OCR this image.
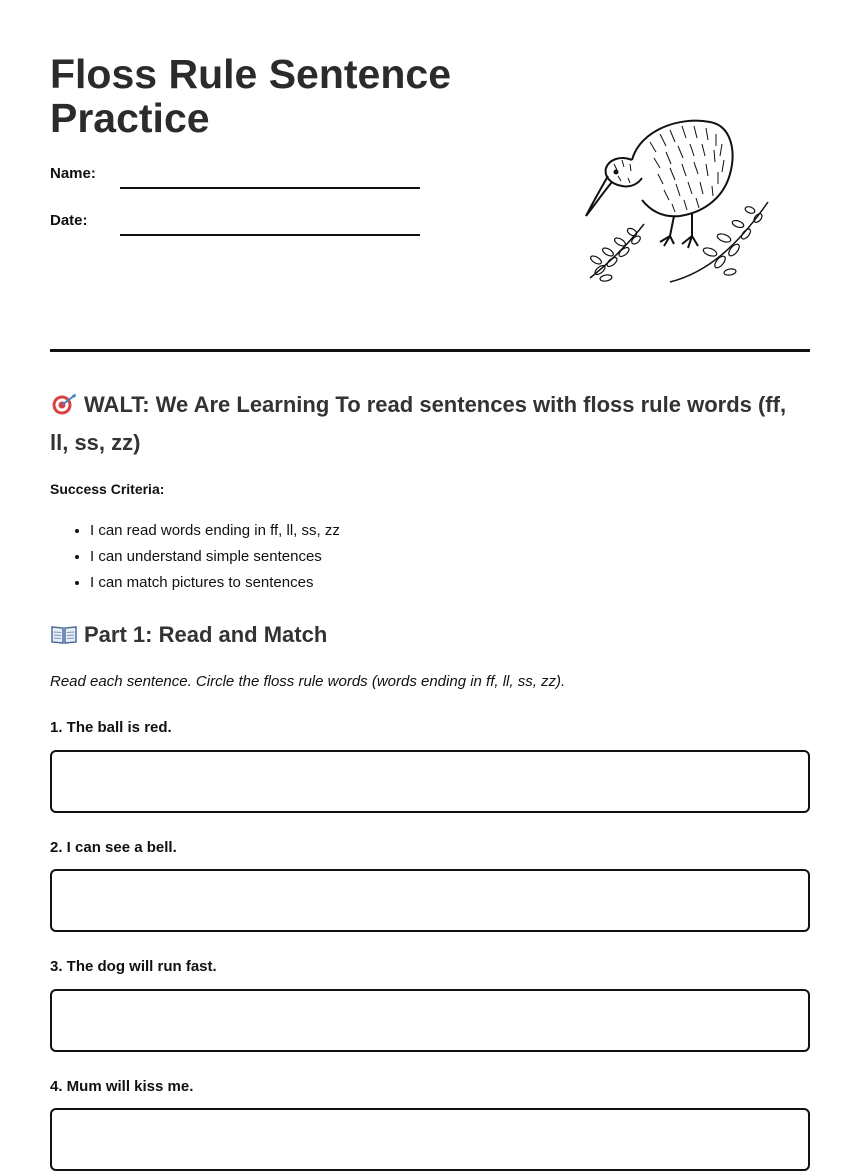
Floss Rule Sentence
Practice
Name:
Date:
WALT: We Are Learning To read sentences with floss rule words (ff, ll, ss, zz)
Success Criteria:
• I can read words ending in ff, ll, ss, zz
• I can understand simple sentences
• I can match pictures to sentences
Part 1: Read and Match
Read each sentence. Circle the floss rule words (words ending in ff, ll, ss, zz).
1. The ball is red.
2. I can see a bell.
3. The dog will run fast.
4. Mum will kiss me.
